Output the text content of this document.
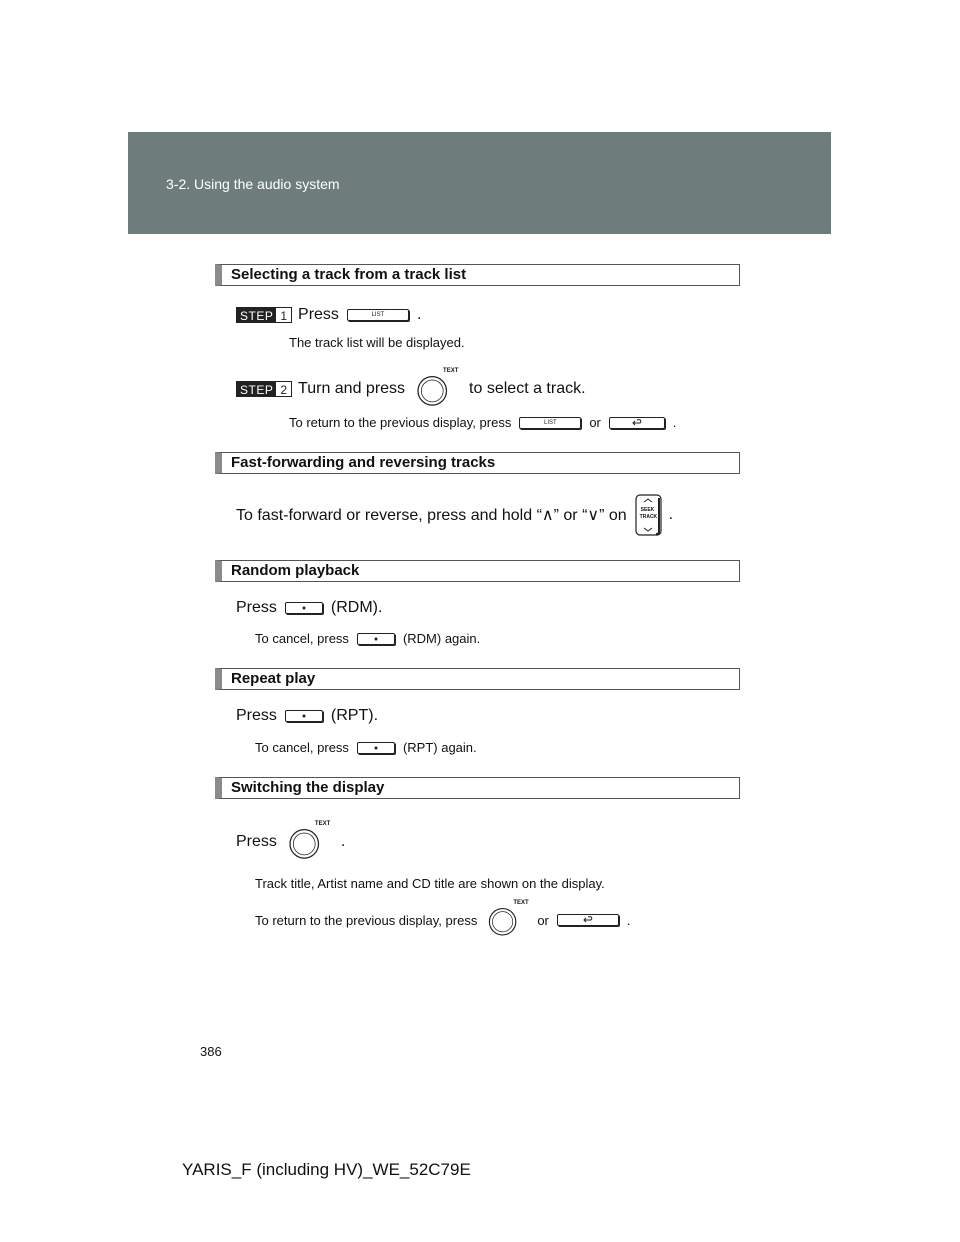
3-2. Using the audio system
Selecting a track from a track list
STEP 1 Press	LIST	.
The track list will be displayed.
STEP 2 Turn and press
TEXT
to select a track.
To return to the previous display, press	LIST	or	.
Fast-forwarding and reversing tracks
To fast-forward or reverse, press and hold “∧” or “∨” on	SEEK
TRACK .
Random playback
Press	(RDM).
To cancel, press	(RDM) again.
Repeat play
Press	(RPT).
To cancel, press	(RPT) again.
Switching the display
Press
TEXT
.
Track title, Artist name and CD title are shown on the display.
To return to the previous display, press
TEXT
or	.
386
YARIS_F (including HV)_WE_52C79E
